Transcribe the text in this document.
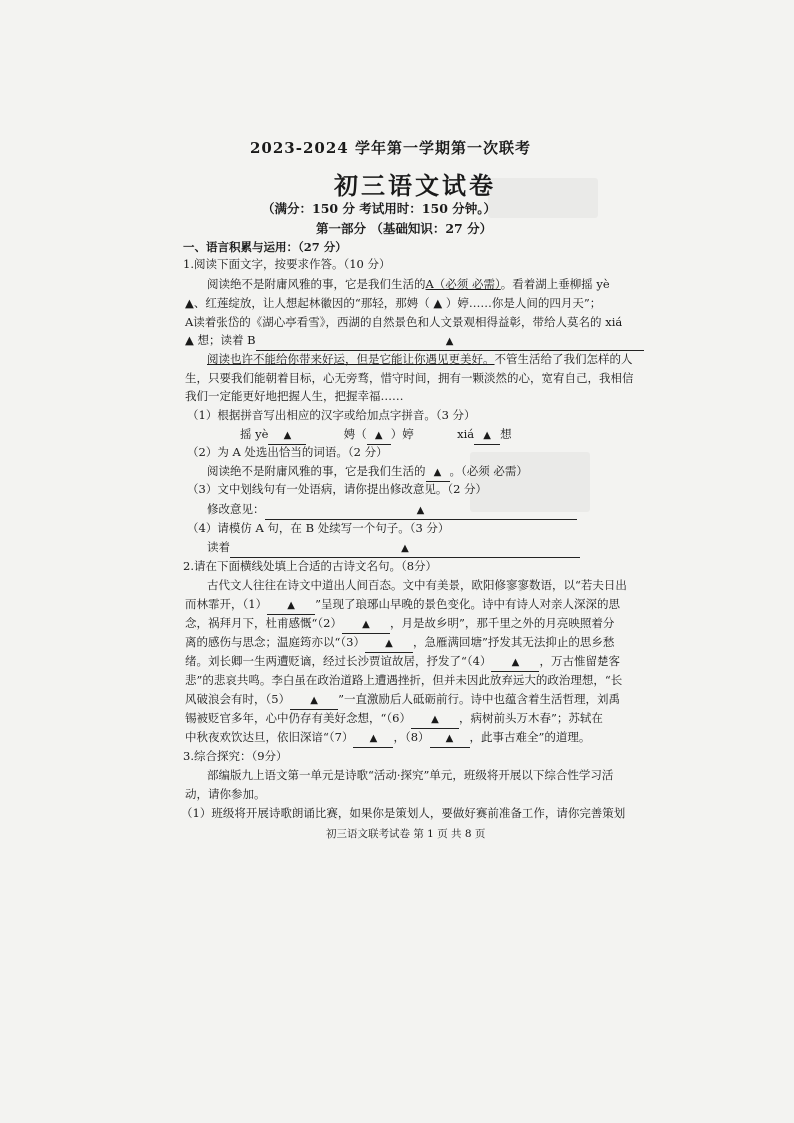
2023-2024 学年第一学期第一次联考
初三语文试卷
（满分：150 分 考试用时：150 分钟。）
第一部分 （基础知识：27 分）
一、语言积累与运用：（27 分）
1.阅读下面文字，按要求作答。（10 分）
阅读绝不是附庸风雅的事，它是我们生活的A（必须 必需）。看着湖上垂柳摇 yè
▲、红莲绽放，让人想起林徽因的“那轻，那娉（ ▲ ）婷……你是人间的四月天”；
A读着张岱的《湖心亭看雪》，西湖的自然景色和人文景观相得益彰，带给人莫名的 xiá
▲ 想；读着 B	▲
阅读也许不能给你带来好运，但是它能让你遇见更美好。不管生活给了我们怎样的人
生，只要我们能朝着目标，心无旁骛，惜守时间，拥有一颗淡然的心，宽宥自己，我相信
我们一定能更好地把握人生，把握幸福……
（1）根据拼音写出相应的汉字或给加点字拼音。（3 分）
摇 yè ▲	娉（ ▲ ）婷	xiá ▲ 想
（2）为 A 处选出恰当的词语。（2 分）
阅读绝不是附庸风雅的事，它是我们生活的 ▲ 。（必须 必需）
（3）文中划线句有一处语病，请你提出修改意见。（2 分）
修改意见：	▲
（4）请模仿 A 句，在 B 处续写一个句子。（3 分）
读着	▲
2.请在下面横线处填上合适的古诗文名句。（8分）
古代文人往往在诗文中道出人间百态。文中有美景，欧阳修寥寥数语，以“若夫日出
而林霏开，（1） ▲ ”呈现了琅琊山早晚的景色变化。诗中有诗人对亲人深深的思
念，祸拜月下，杜甫感慨“（2） ▲ ，月是故乡明”，那千里之外的月亮映照着分
离的感伤与思念；温庭筠亦以“（3） ▲ ，急雁满回塘”抒发其无法抑止的思乡愁
绪。刘长卿一生两遭贬谪，经过长沙贾谊故居，抒发了“（4） ▲ ，万古惟留楚客
悲”的悲哀共鸣。李白虽在政治道路上遭遇挫折，但并未因此放弃远大的政治理想，“长
风破浪会有时，（5） ▲ ”一直激励后人砥砺前行。诗中也蕴含着生活哲理，刘禹
锡被贬官多年，心中仍存有美好念想，“（6） ▲ ，病树前头万木春”；苏轼在
中秋夜欢饮达旦，依旧深谙“（7） ▲ ，（8） ▲ ，此事古难全”的道理。
3.综合探究：（9分）
部编版九上语文第一单元是诗歌“活动·探究”单元，班级将开展以下综合性学习活
动，请你参加。
（1）班级将开展诗歌朗诵比赛，如果你是策划人，要做好赛前准备工作，请你完善策划
初三语文联考试卷 第 1 页 共 8 页
